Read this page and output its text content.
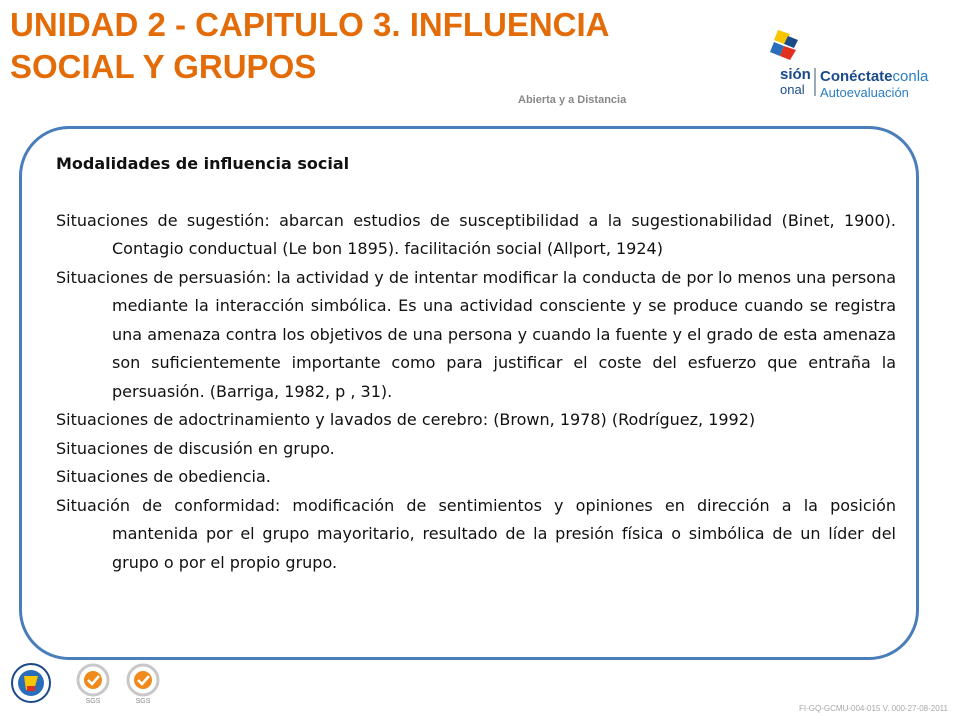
UNIDAD 2 - CAPITULO 3. INFLUENCIA
SOCIAL Y GRUPOS	sión
onal
Conéctateconla
Autoevaluación
Abierta y a Distancia

Modalidades de influencia social

Situaciones de sugestión: abarcan estudios de susceptibilidad a la sugestionabilidad (Binet, 1900). Contagio conductual (Le bon 1895). facilitación social (Allport, 1924)

Situaciones de persuasión: la actividad y de intentar modificar la conducta de por lo menos una persona mediante la interacción simbólica. Es una actividad consciente y se produce cuando se registra una amenaza contra los objetivos de una persona y cuando la fuente y el grado de esta amenaza son suficientemente importante como para justificar el coste del esfuerzo que entraña la persuasión. (Barriga, 1982, p , 31).

Situaciones de adoctrinamiento y lavados de cerebro: (Brown, 1978) (Rodríguez, 1992)

Situaciones de discusión en grupo.

Situaciones de obediencia.

Situación de conformidad: modificación de sentimientos y opiniones en dirección a la posición mantenida por el grupo mayoritario, resultado de la presión física o simbólica de un líder del grupo o por el propio grupo.

SGS	SGS
FI-GQ-GCMU-004-015 V. 000-27-08-2011
